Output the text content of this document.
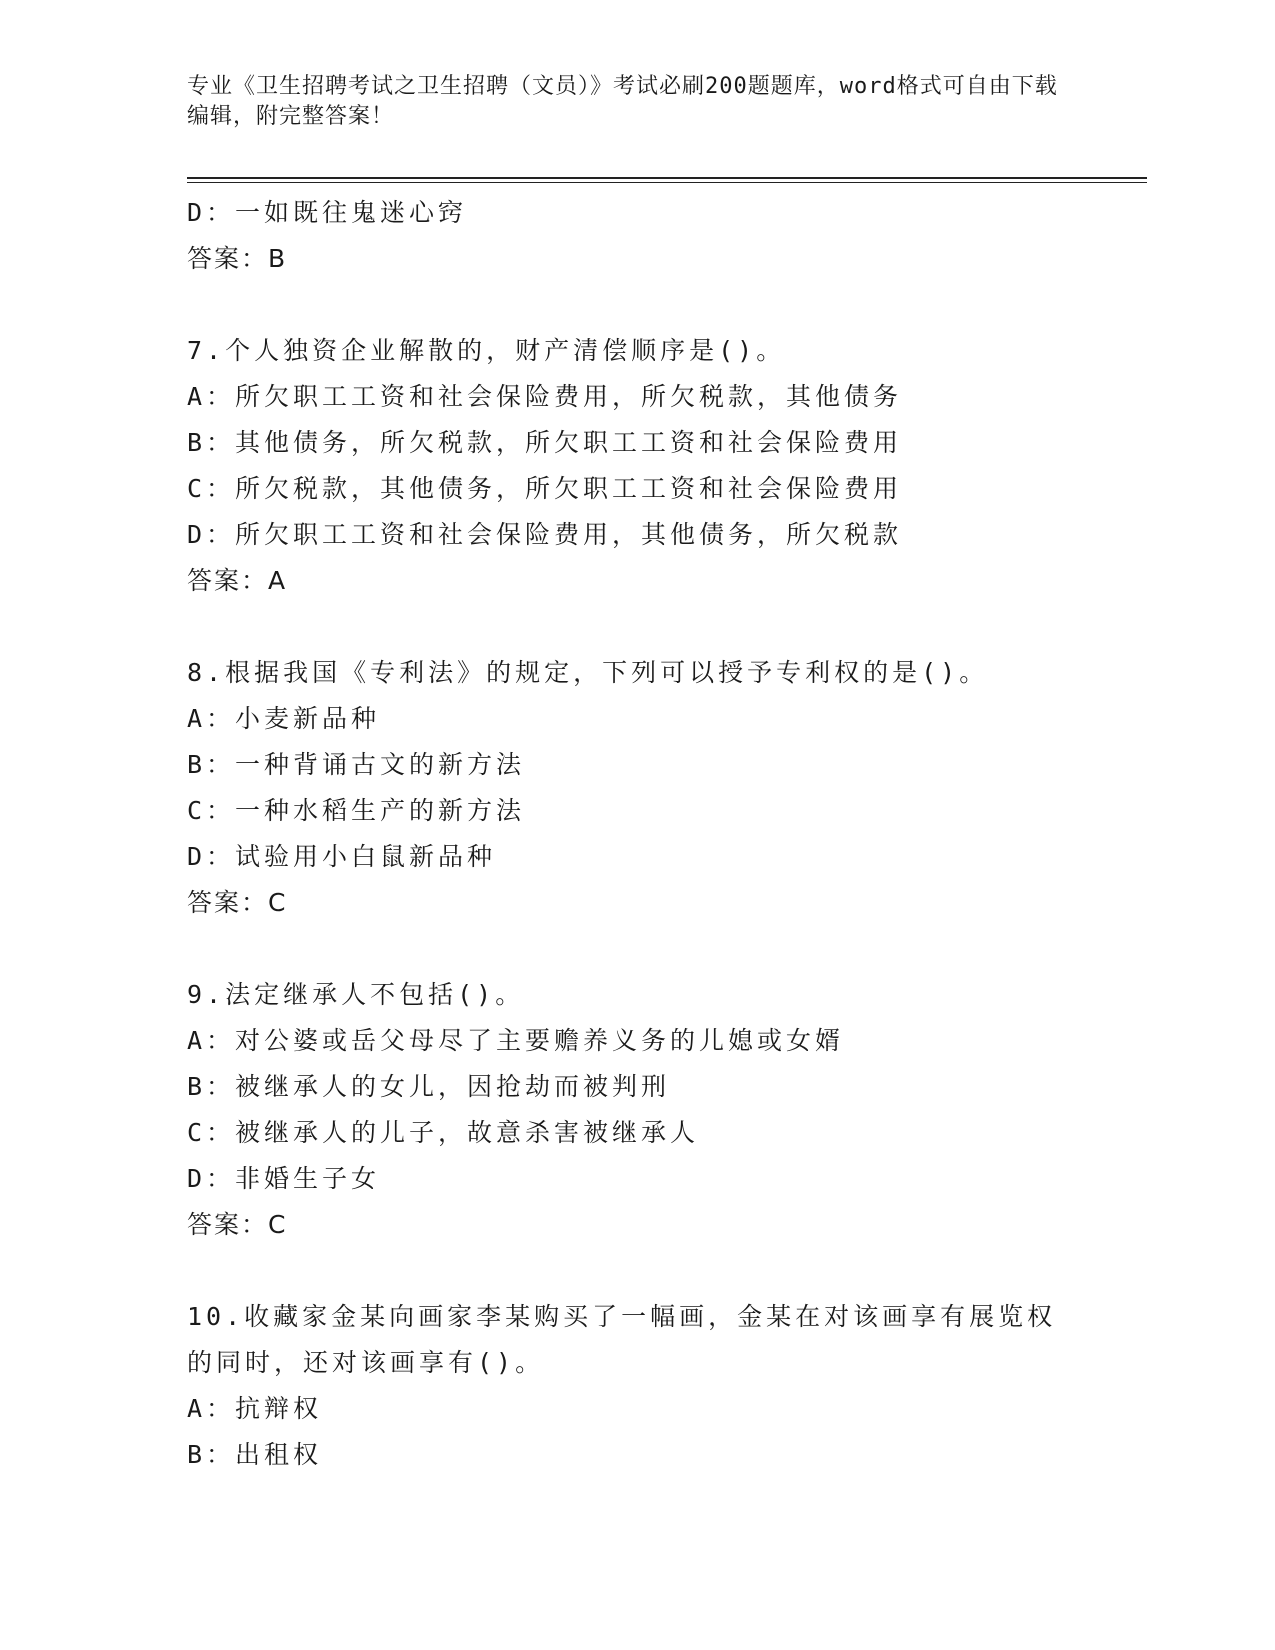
专业《卫生招聘考试之卫生招聘（文员）》考试必刷200题题库，word格式可自由下载编辑，附完整答案！

D：一如既往鬼迷心窍

答案：B

7.个人独资企业解散的，财产清偿顺序是()。

A：所欠职工工资和社会保险费用，所欠税款，其他债务

B：其他债务，所欠税款，所欠职工工资和社会保险费用

C：所欠税款，其他债务，所欠职工工资和社会保险费用

D：所欠职工工资和社会保险费用，其他债务，所欠税款

答案：A

8.根据我国《专利法》的规定，下列可以授予专利权的是()。

A：小麦新品种

B：一种背诵古文的新方法

C：一种水稻生产的新方法

D：试验用小白鼠新品种

答案：C

9.法定继承人不包括()。

A：对公婆或岳父母尽了主要赡养义务的儿媳或女婿

B：被继承人的女儿，因抢劫而被判刑

C：被继承人的儿子，故意杀害被继承人

D：非婚生子女

答案：C

10.收藏家金某向画家李某购买了一幅画，金某在对该画享有展览权的同时，还对该画享有()。

A：抗辩权

B：出租权
